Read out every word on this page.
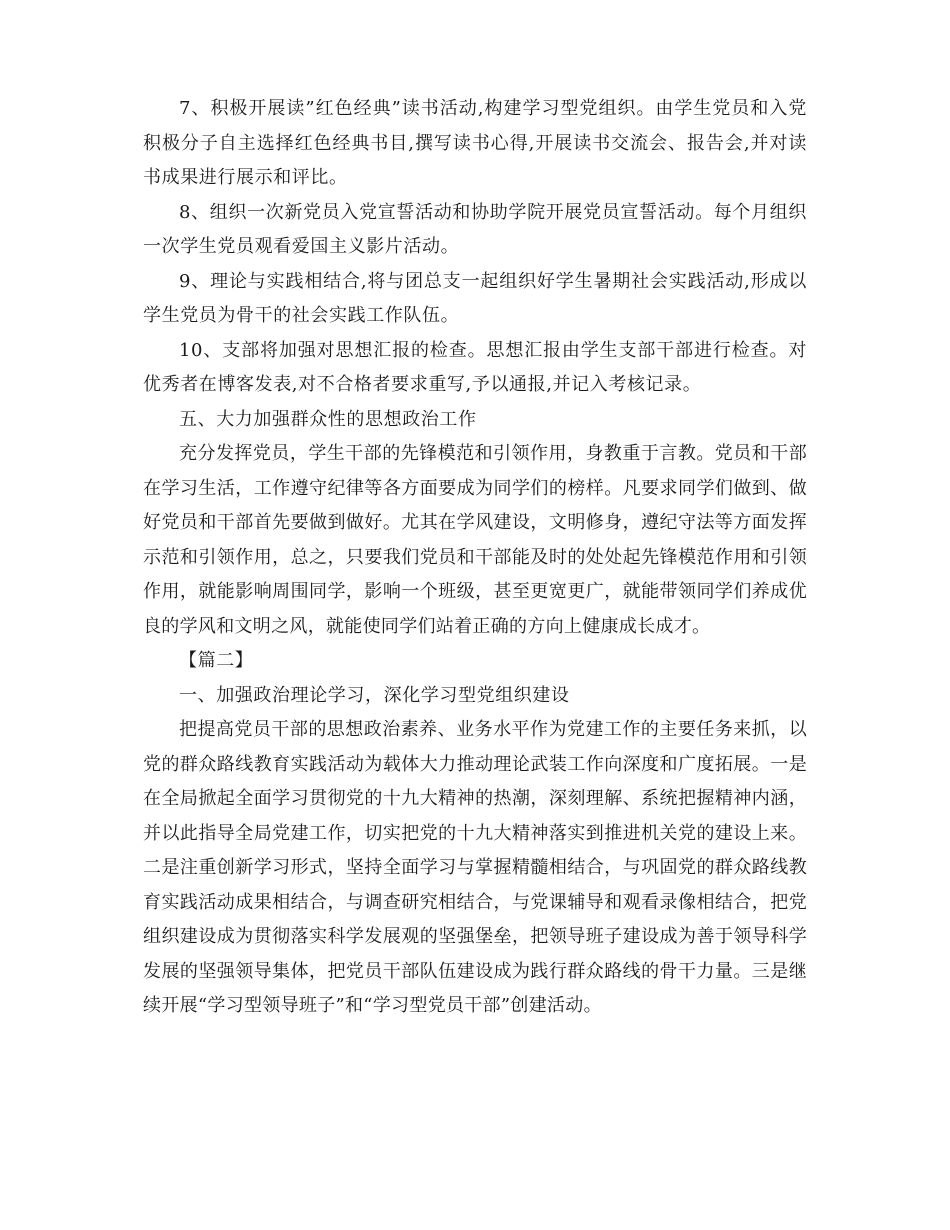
7、积极开展读”红色经典”读书活动,构建学习型党组织。由学生党员和入党积极分子自主选择红色经典书目,撰写读书心得,开展读书交流会、报告会,并对读书成果进行展示和评比。

8、组织一次新党员入党宣誓活动和协助学院开展党员宣誓活动。每个月组织一次学生党员观看爱国主义影片活动。

9、理论与实践相结合,将与团总支一起组织好学生暑期社会实践活动,形成以学生党员为骨干的社会实践工作队伍。

10、支部将加强对思想汇报的检查。思想汇报由学生支部干部进行检查。对优秀者在博客发表,对不合格者要求重写,予以通报,并记入考核记录。

五、大力加强群众性的思想政治工作

充分发挥党员，学生干部的先锋模范和引领作用，身教重于言教。党员和干部在学习生活，工作遵守纪律等各方面要成为同学们的榜样。凡要求同学们做到、做好党员和干部首先要做到做好。尤其在学风建设，文明修身，遵纪守法等方面发挥示范和引领作用，总之，只要我们党员和干部能及时的处处起先锋模范作用和引领作用，就能影响周围同学，影响一个班级，甚至更宽更广，就能带领同学们养成优良的学风和文明之风，就能使同学们站着正确的方向上健康成长成才。

【篇二】

一、加强政治理论学习，深化学习型党组织建设

把提高党员干部的思想政治素养、业务水平作为党建工作的主要任务来抓，以党的群众路线教育实践活动为载体大力推动理论武装工作向深度和广度拓展。一是在全局掀起全面学习贯彻党的十九大精神的热潮，深刻理解、系统把握精神内涵，并以此指导全局党建工作，切实把党的十九大精神落实到推进机关党的建设上来。二是注重创新学习形式，坚持全面学习与掌握精髓相结合，与巩固党的群众路线教育实践活动成果相结合，与调查研究相结合，与党课辅导和观看录像相结合，把党组织建设成为贯彻落实科学发展观的坚强堡垒，把领导班子建设成为善于领导科学发展的坚强领导集体，把党员干部队伍建设成为践行群众路线的骨干力量。三是继续开展“学习型领导班子”和“学习型党员干部”创建活动。
